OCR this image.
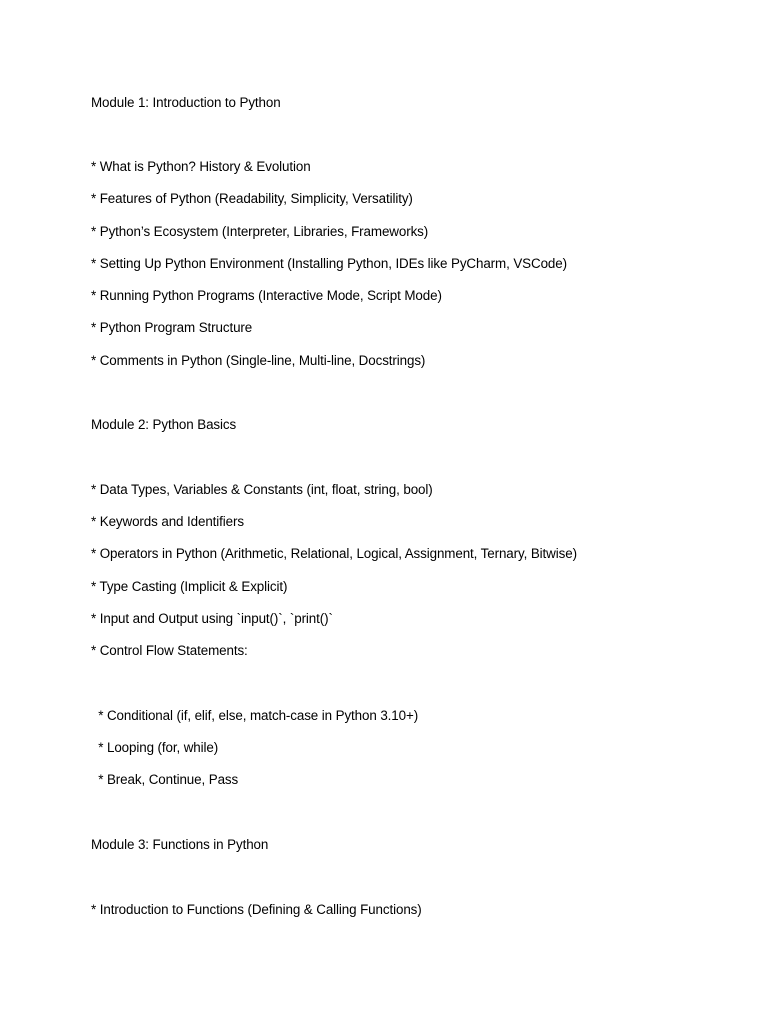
Module 1: Introduction to Python
* What is Python? History & Evolution
* Features of Python (Readability, Simplicity, Versatility)
* Python’s Ecosystem (Interpreter, Libraries, Frameworks)
* Setting Up Python Environment (Installing Python, IDEs like PyCharm, VSCode)
* Running Python Programs (Interactive Mode, Script Mode)
* Python Program Structure
* Comments in Python (Single-line, Multi-line, Docstrings)
Module 2: Python Basics
* Data Types, Variables & Constants (int, float, string, bool)
* Keywords and Identifiers
* Operators in Python (Arithmetic, Relational, Logical, Assignment, Ternary, Bitwise)
* Type Casting (Implicit & Explicit)
* Input and Output using `input()`, `print()`
* Control Flow Statements:
* Conditional (if, elif, else, match-case in Python 3.10+)
* Looping (for, while)
* Break, Continue, Pass
Module 3: Functions in Python
* Introduction to Functions (Defining & Calling Functions)
